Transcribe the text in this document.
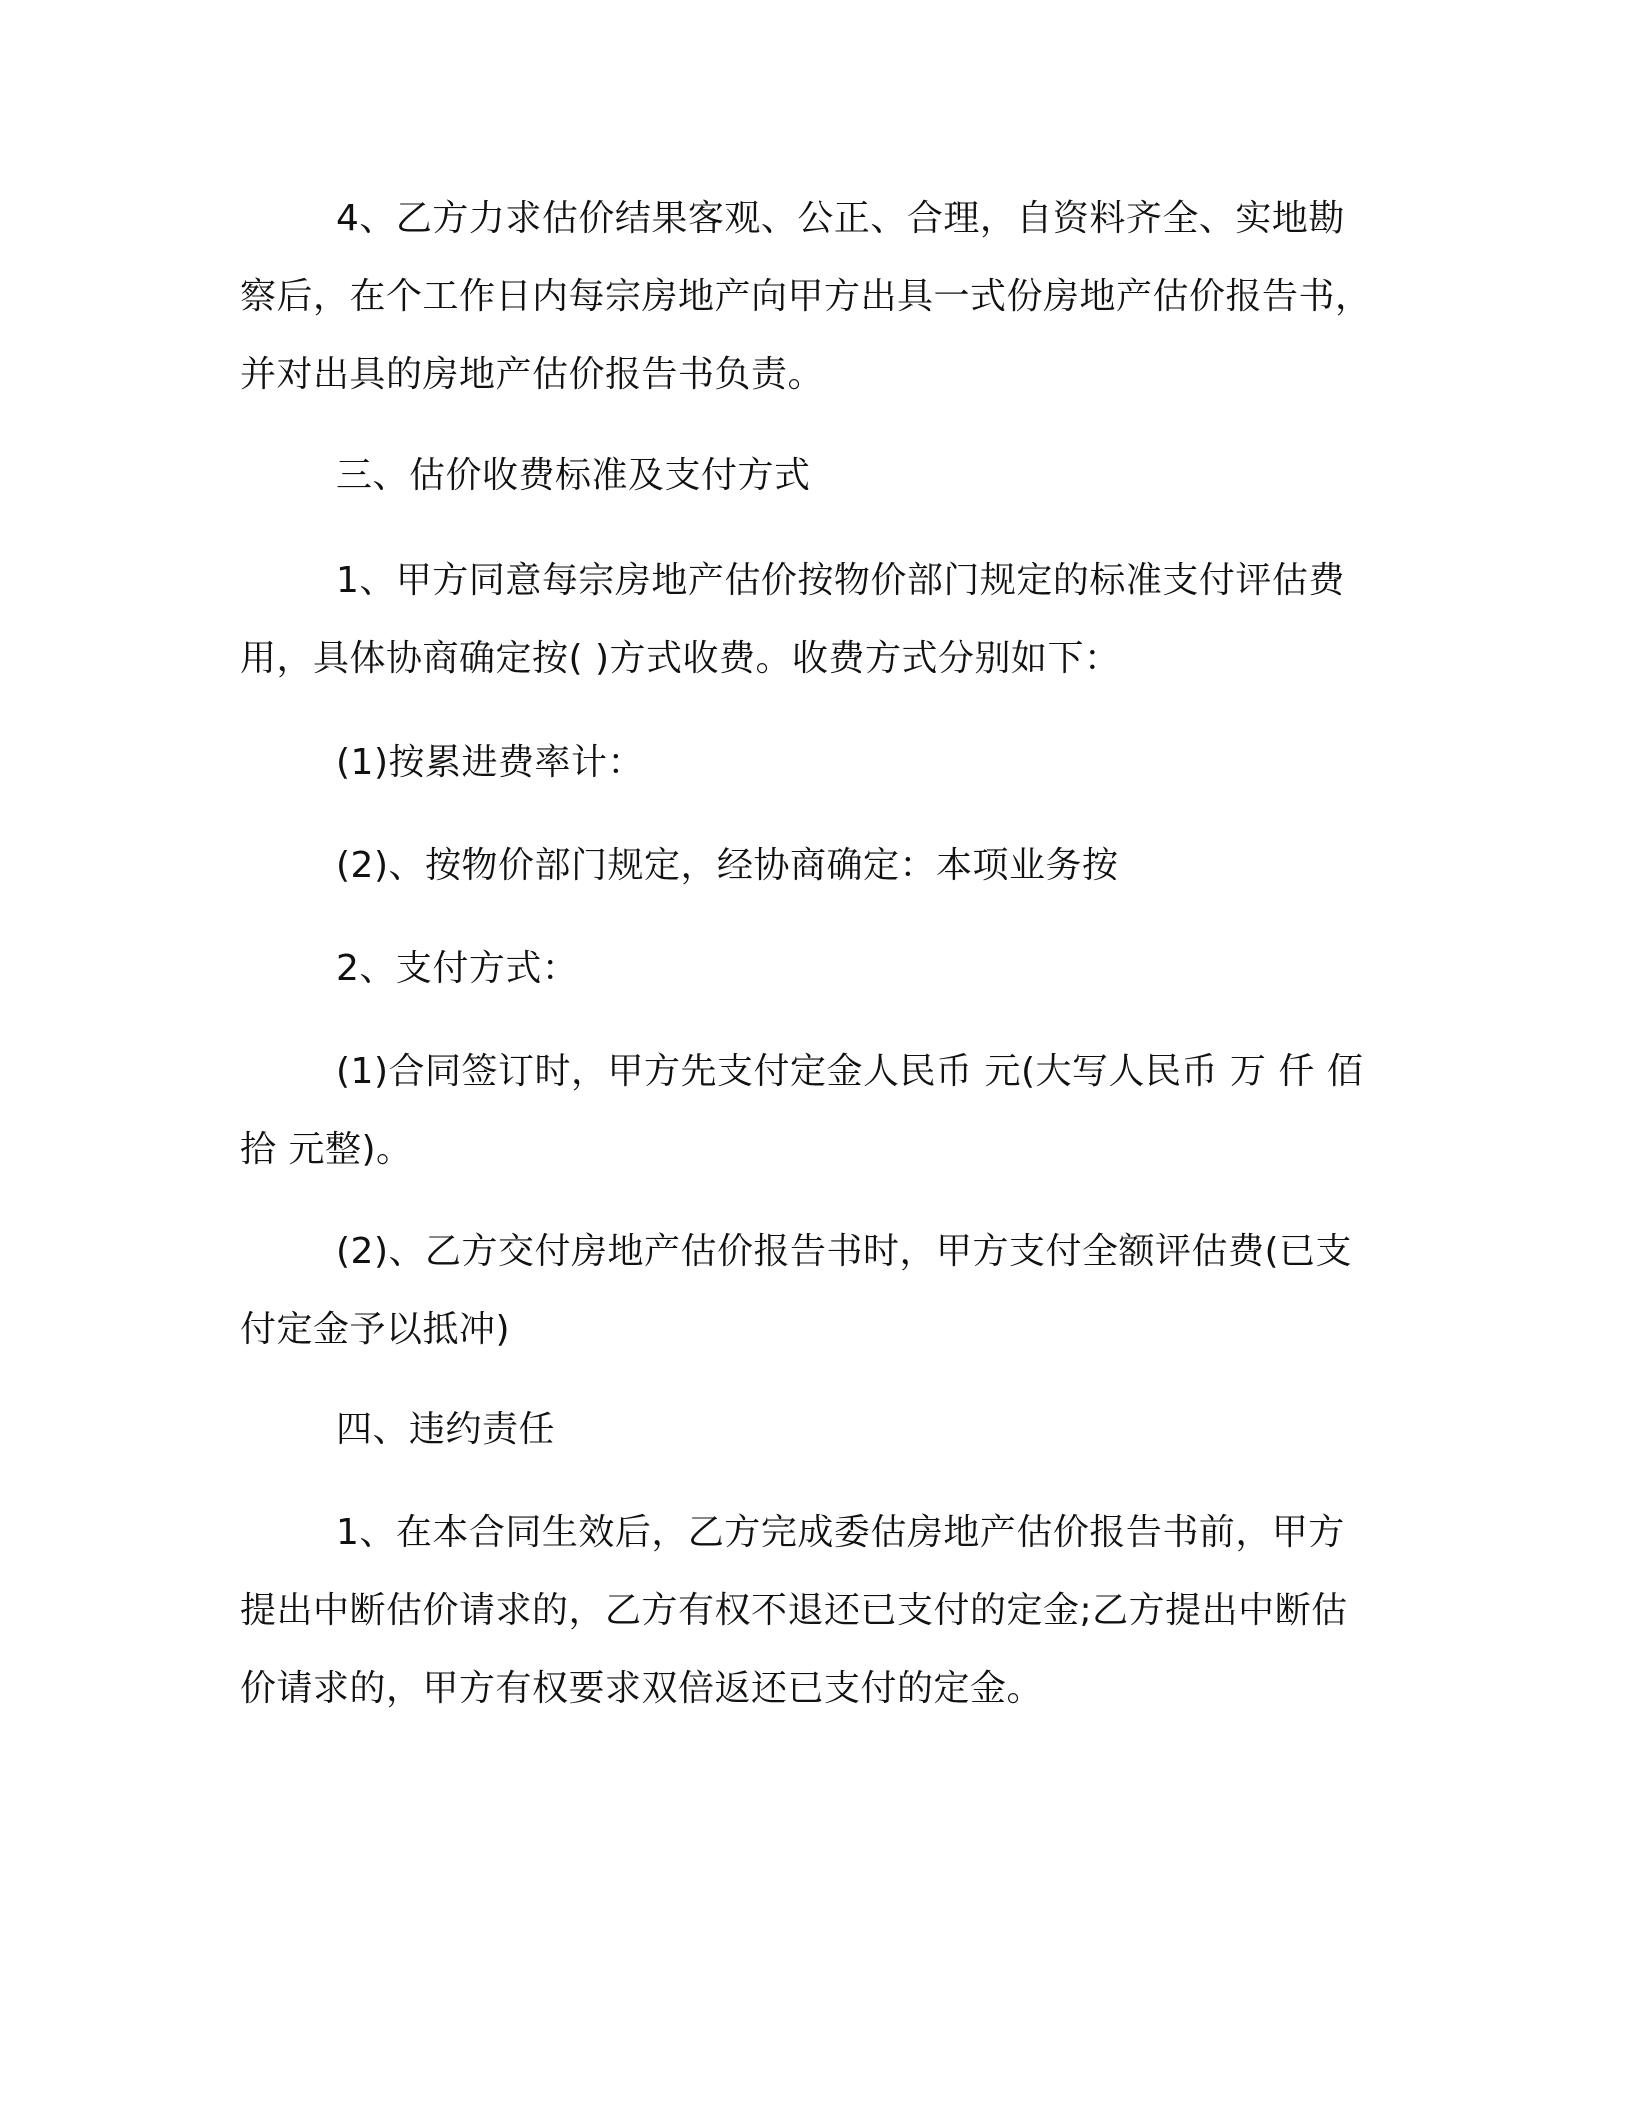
4、乙方力求估价结果客观、公正、合理，自资料齐全、实地勘察后，在个工作日内每宗房地产向甲方出具一式份房地产估价报告书，并对出具的房地产估价报告书负责。

三、估价收费标准及支付方式

1、甲方同意每宗房地产估价按物价部门规定的标准支付评估费用，具体协商确定按( )方式收费。收费方式分别如下：

(1)按累进费率计：

(2)、按物价部门规定，经协商确定：本项业务按

2、支付方式：

(1)合同签订时，甲方先支付定金人民币 元(大写人民币 万 仟 佰 拾 元整)。

(2)、乙方交付房地产估价报告书时，甲方支付全额评估费(已支付定金予以抵冲)

四、违约责任

1、在本合同生效后，乙方完成委估房地产估价报告书前，甲方提出中断估价请求的，乙方有权不退还已支付的定金;乙方提出中断估价请求的，甲方有权要求双倍返还已支付的定金。
